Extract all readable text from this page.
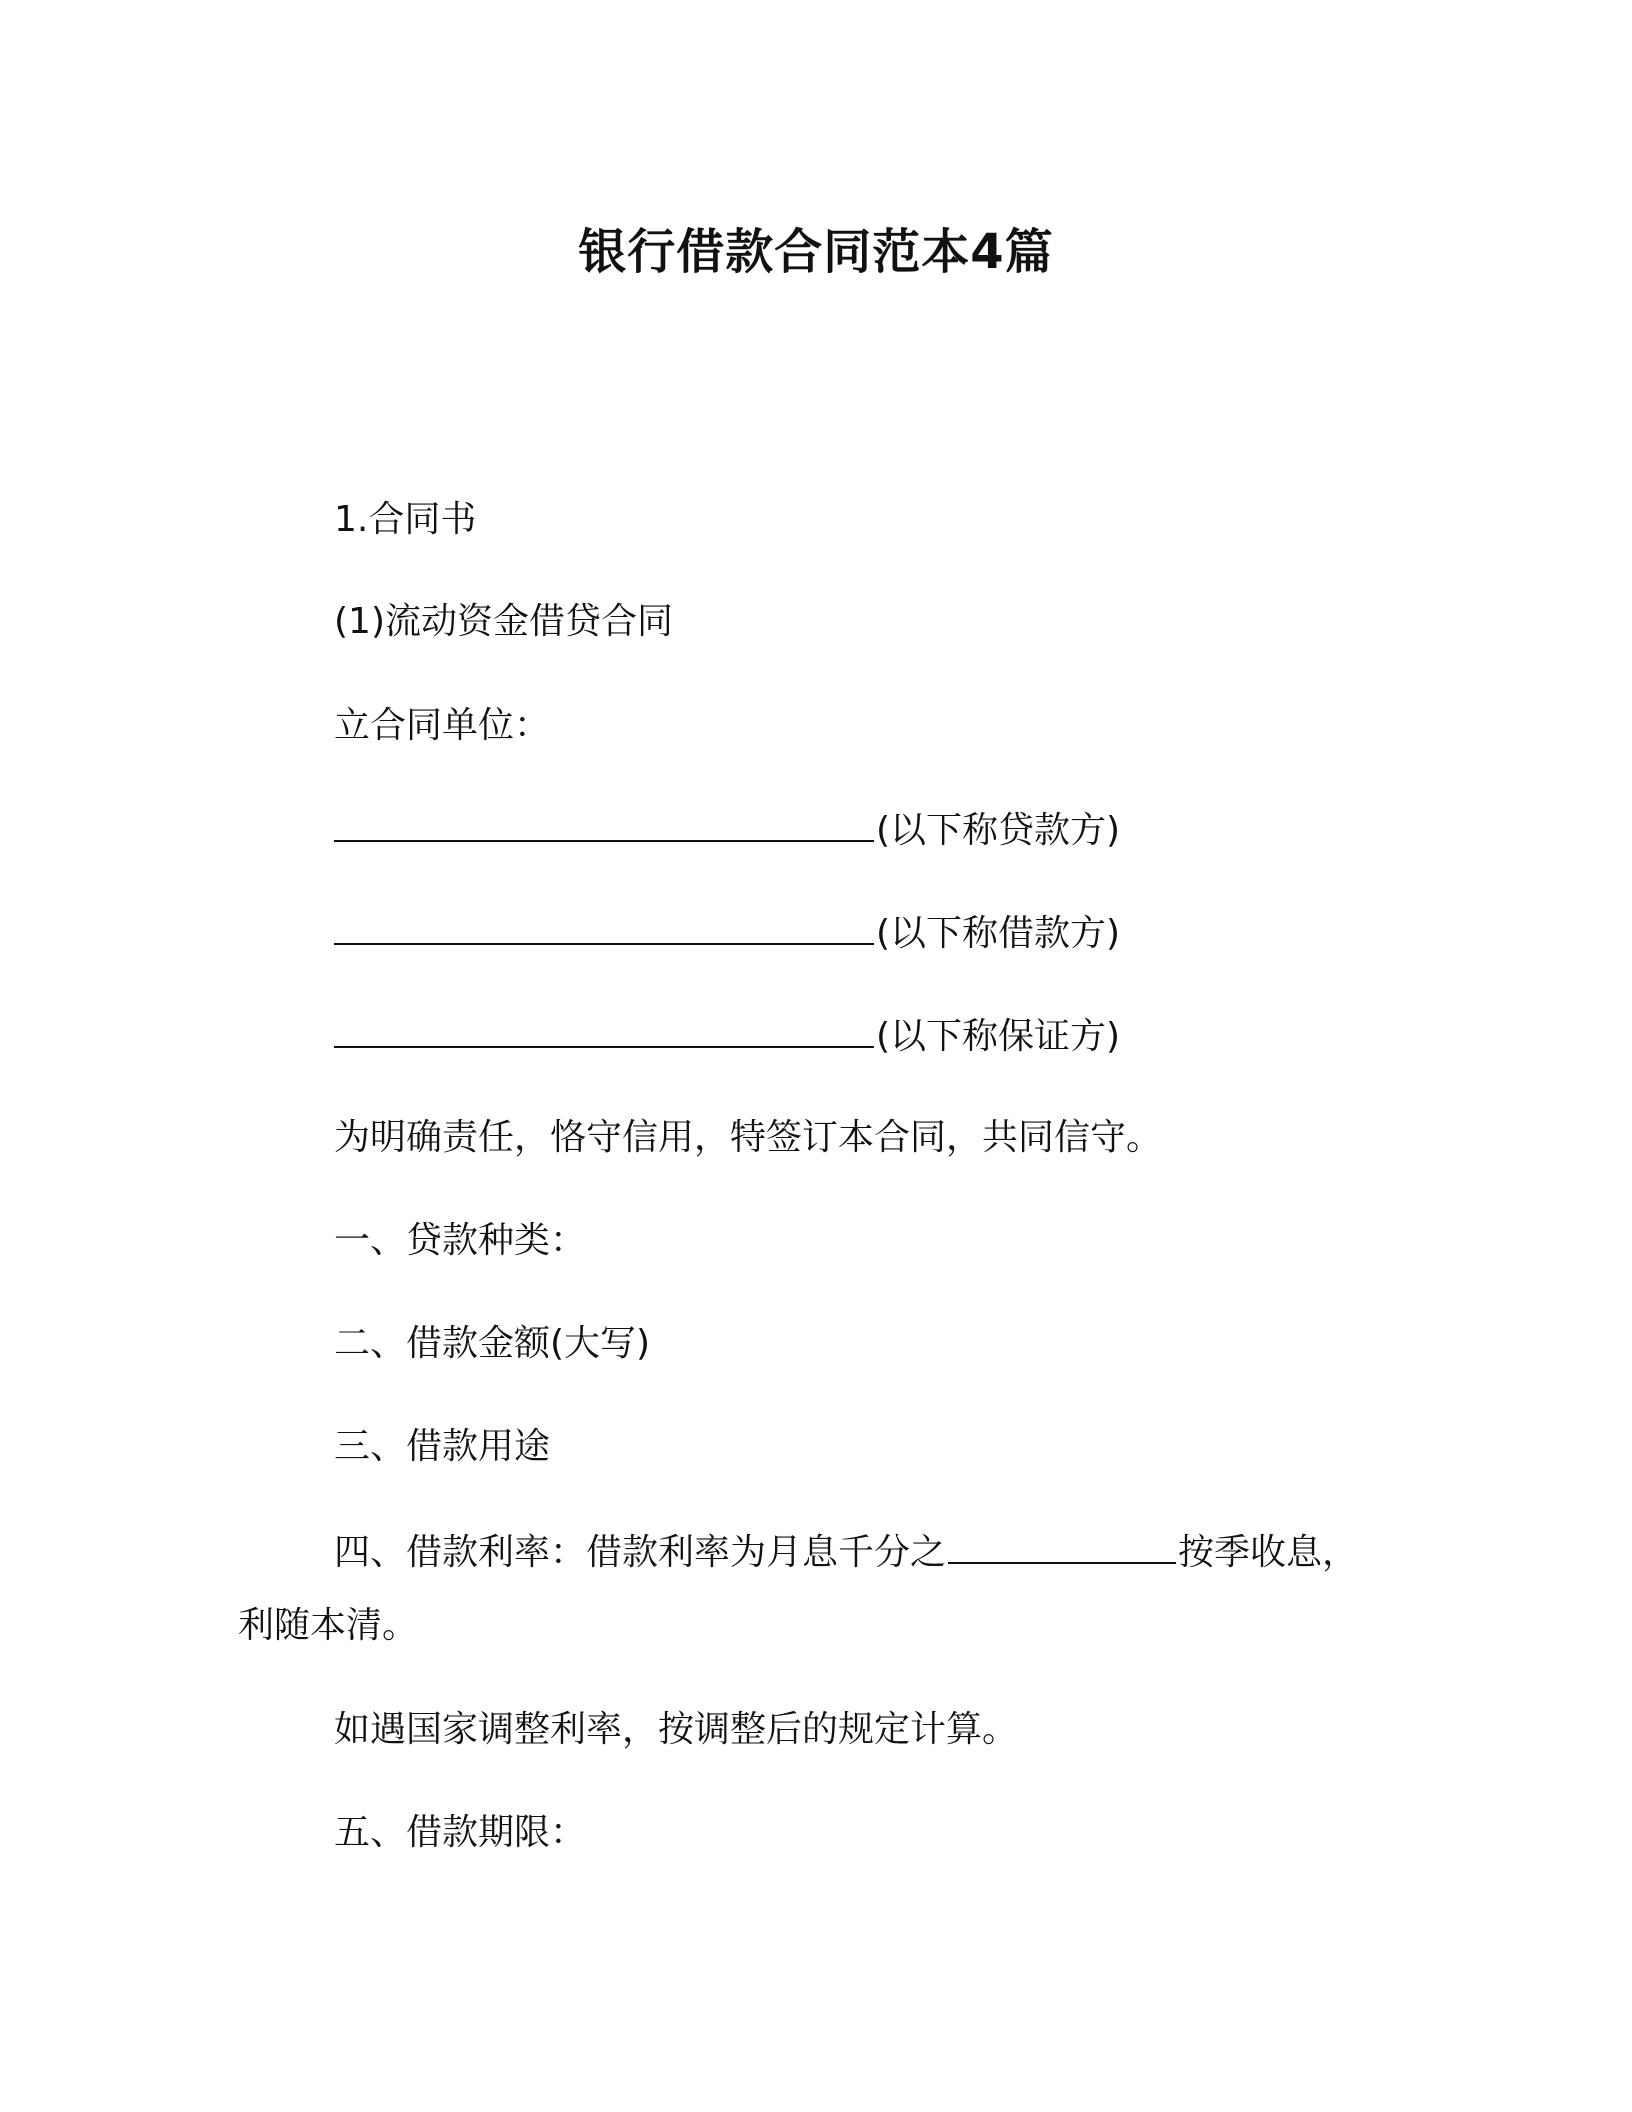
银行借款合同范本4篇
1.合同书
(1)流动资金借贷合同
立合同单位：
(以下称贷款方)
(以下称借款方)
(以下称保证方)
为明确责任，恪守信用，特签订本合同，共同信守。
一、贷款种类：
二、借款金额(大写)
三、借款用途
四、借款利率：借款利率为月息千分之	按季收息，
利随本清。
如遇国家调整利率，按调整后的规定计算。
五、借款期限：
